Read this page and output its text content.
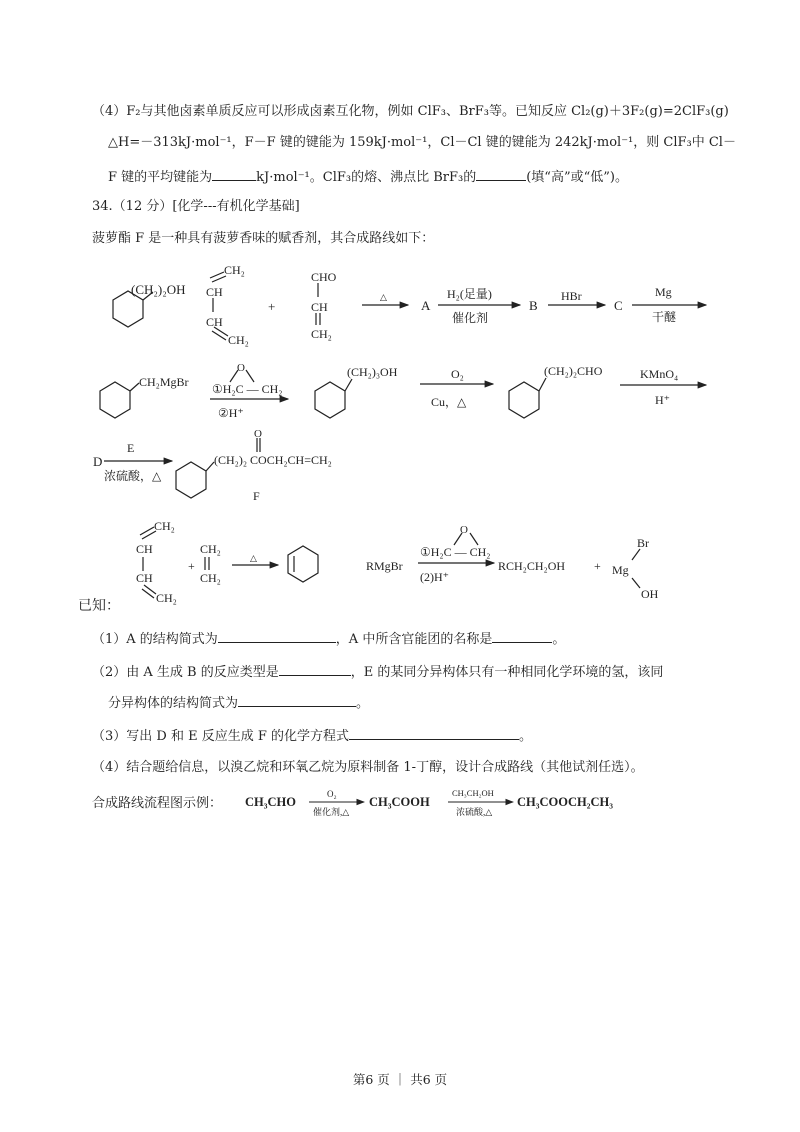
（4）F₂与其他卤素单质反应可以形成卤素互化物，例如 ClF₃、BrF₃等。已知反应 Cl₂(g)＋3F₂(g)=2ClF₃(g)
△H=－313kJ·mol⁻¹，F－F 键的键能为 159kJ·mol⁻¹，Cl－Cl 键的键能为 242kJ·mol⁻¹，则 ClF₃中 Cl－
F 键的平均键能为	kJ·mol⁻¹。ClF₃的熔、沸点比 BrF₃的	(填“高”或“低”)。
34.（12 分）[化学---有机化学基础]
菠萝酯 F 是一种具有菠萝香味的赋香剂，其合成路线如下：
(CH₂)₂OH
CH₂
CH
CH
CH₂
+
CHO
CH
CH₂
△
A
H₂(足量)
催化剂
B
HBr
C
Mg
干醚
CH₂MgBr
O
①H₂C — CH₂
②H⁺
(CH₂)₃OH	O₂
Cu，△
(CH₂)₂CHO	KMnO₄
H⁺
E
D
浓硫酸，△
O
(CH₂)₂ COCH₂CH=CH₂
F
CH₂
CH
CH
CH₂
+
CH₂
CH₂
△
RMgBr
O
①H₂C — CH₂
(2)H⁺
RCH₂CH₂OH +
Br
Mg
OH
CH₃CHO
O₂
催化剂,△
CH₃COOH
CH₃CH₂OH
浓硫酸,△
CH₃COOCH₂CH₃
已知：
（1）A 的结构简式为	，A 中所含官能团的名称是	。
（2）由 A 生成 B 的反应类型是	，E 的某同分异构体只有一种相同化学环境的氢，该同
分异构体的结构简式为	。
（3）写出 D 和 E 反应生成 F 的化学方程式	。
（4）结合题给信息，以溴乙烷和环氧乙烷为原料制备 1-丁醇，设计合成路线（其他试剂任选）。
合成路线流程图示例：
第6 页 ｜ 共6 页
